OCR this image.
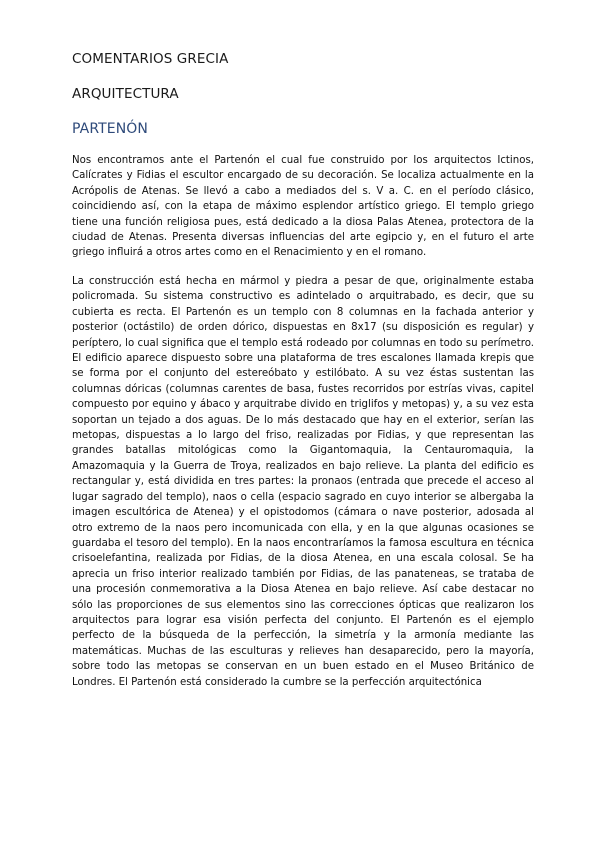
COMENTARIOS GRECIA
ARQUITECTURA
PARTENÓN

Nos encontramos ante el Partenón el cual fue construido por los arquitectos Ictinos, Calícrates y Fidias el escultor encargado de su decoración. Se localiza actualmente en la Acrópolis de Atenas. Se llevó a cabo a mediados del s. V a. C. en el período clásico, coincidiendo así, con la etapa de máximo esplendor artístico griego. El templo griego tiene una función religiosa pues, está dedicado a la diosa Palas Atenea, protectora de la ciudad de Atenas. Presenta diversas influencias del arte egipcio y, en el futuro el arte griego influirá a otros artes como en el Renacimiento y en el romano.

La construcción está hecha en mármol y piedra a pesar de que, originalmente estaba policromada. Su sistema constructivo es adintelado o arquitrabado, es decir, que su cubierta es recta. El Partenón es un templo con 8 columnas en la fachada anterior y posterior (octástilo) de orden dórico, dispuestas en 8x17 (su disposición es regular) y períptero, lo cual significa que el templo está rodeado por columnas en todo su perímetro. El edificio aparece dispuesto sobre una plataforma de tres escalones llamada krepis que se forma por el conjunto del estereóbato y estilóbato. A su vez éstas sustentan las columnas dóricas (columnas carentes de basa, fustes recorridos por estrías vivas, capitel compuesto por equino y ábaco y arquitrabe divido en triglifos y metopas) y, a su vez esta soportan un tejado a dos aguas. De lo más destacado que hay en el exterior, serían las metopas, dispuestas a lo largo del friso, realizadas por Fidias, y que representan las grandes batallas mitológicas como la Gigantomaquia, la Centauromaquia, la Amazomaquia y la Guerra de Troya, realizados en bajo relieve. La planta del edificio es rectangular y, está dividida en tres partes: la pronaos (entrada que precede el acceso al lugar sagrado del templo), naos o cella (espacio sagrado en cuyo interior se albergaba la imagen escultórica de Atenea) y el opistodomos (cámara o nave posterior, adosada al otro extremo de la naos pero incomunicada con ella, y en la que algunas ocasiones se guardaba el tesoro del templo). En la naos encontraríamos la famosa escultura en técnica crisoelefantina, realizada por Fidias, de la diosa Atenea, en una escala colosal. Se ha aprecia un friso interior realizado también por Fidias, de las panateneas, se trataba de una procesión conmemorativa a la Diosa Atenea en bajo relieve. Así cabe destacar no sólo las proporciones de sus elementos sino las correcciones ópticas que realizaron los arquitectos para lograr esa visión perfecta del conjunto. El Partenón es el ejemplo perfecto de la búsqueda de la perfección, la simetría y la armonía mediante las matemáticas. Muchas de las esculturas y relieves han desaparecido, pero la mayoría, sobre todo las metopas se conservan en un buen estado en el Museo Británico de Londres. El Partenón está considerado la cumbre se la perfección arquitectónica
